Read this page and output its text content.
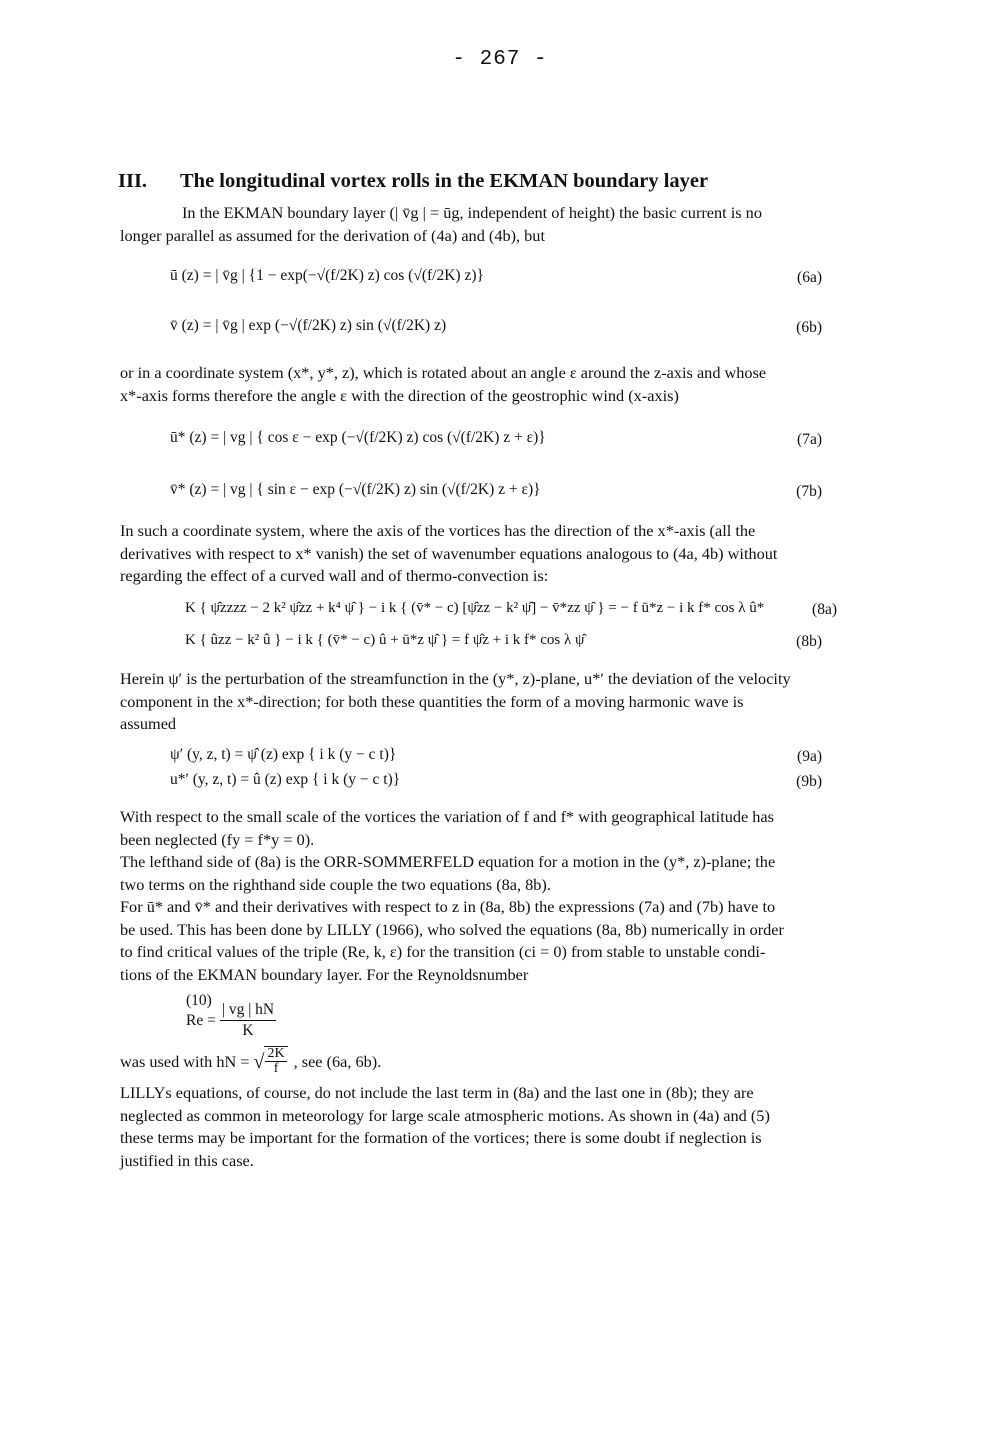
- 267 -
III. The longitudinal vortex rolls in the EKMAN boundary layer
In the EKMAN boundary layer (| v̄g | = ūg, independent of height) the basic current is no
longer parallel as assumed for the derivation of (4a) and (4b), but
ū (z) = | v̄g | {1 − exp(−√(f/2K) z) cos (√(f/2K) z)}	(6a)
v̄ (z) = | v̄g | exp (−√(f/2K) z) sin (√(f/2K) z)	(6b)
or in a coordinate system (x*, y*, z), which is rotated about an angle ε around the z-axis and whose
x*-axis forms therefore the angle ε with the direction of the geostrophic wind (x-axis)
ū* (z) = | vg | { cos ε − exp (−√(f/2K) z) cos (√(f/2K) z + ε)}	(7a)
v̄* (z) = | vg | { sin ε − exp (−√(f/2K) z) sin (√(f/2K) z + ε)}	(7b)
In such a coordinate system, where the axis of the vortices has the direction of the x*-axis (all the
derivatives with respect to x* vanish) the set of wavenumber equations analogous to (4a, 4b) without
regarding the effect of a curved wall and of thermo-convection is:
K { ψ̂zzzz − 2 k² ψ̂zz + k⁴ ψ̂ } − i k { (v̄* − c) [ψ̂zz − k² ψ̂] − v̄*zz ψ̂ } = − f ū*z − i k f* cos λ û*	(8a)
K { ûzz − k² û } − i k { (v̄* − c) û + ū*z ψ̂ } = f ψ̂z + i k f* cos λ ψ̂	(8b)
Herein ψ′ is the perturbation of the streamfunction in the (y*, z)-plane, u*′ the deviation of the velocity
component in the x*-direction; for both these quantities the form of a moving harmonic wave is
assumed
ψ′ (y, z, t) = ψ̂ (z) exp { i k (y − c t)}	(9a)
u*′ (y, z, t) = û (z) exp { i k (y − c t)}	(9b)
With respect to the small scale of the vortices the variation of f and f* with geographical latitude has
been neglected (fy = f*y = 0).
The lefthand side of (8a) is the ORR-SOMMERFELD equation for a motion in the (y*, z)-plane; the
two terms on the righthand side couple the two equations (8a, 8b).
For ū* and v̄* and their derivatives with respect to z in (8a, 8b) the expressions (7a) and (7b) have to
be used. This has been done by LILLY (1966), who solved the equations (8a, 8b) numerically in order
to find critical values of the triple (Re, k, ε) for the transition (ci = 0) from stable to unstable condi-
tions of the EKMAN boundary layer. For the Reynoldsnumber
$Re = \frac{| vg | hN}{K}$
(10)
was used with hN = √ $\frac{2K}{f}$ , see (6a, 6b).
LILLYs equations, of course, do not include the last term in (8a) and the last one in (8b); they are
neglected as common in meteorology for large scale atmospheric motions. As shown in (4a) and (5)
these terms may be important for the formation of the vortices; there is some doubt if neglection is
justified in this case.
